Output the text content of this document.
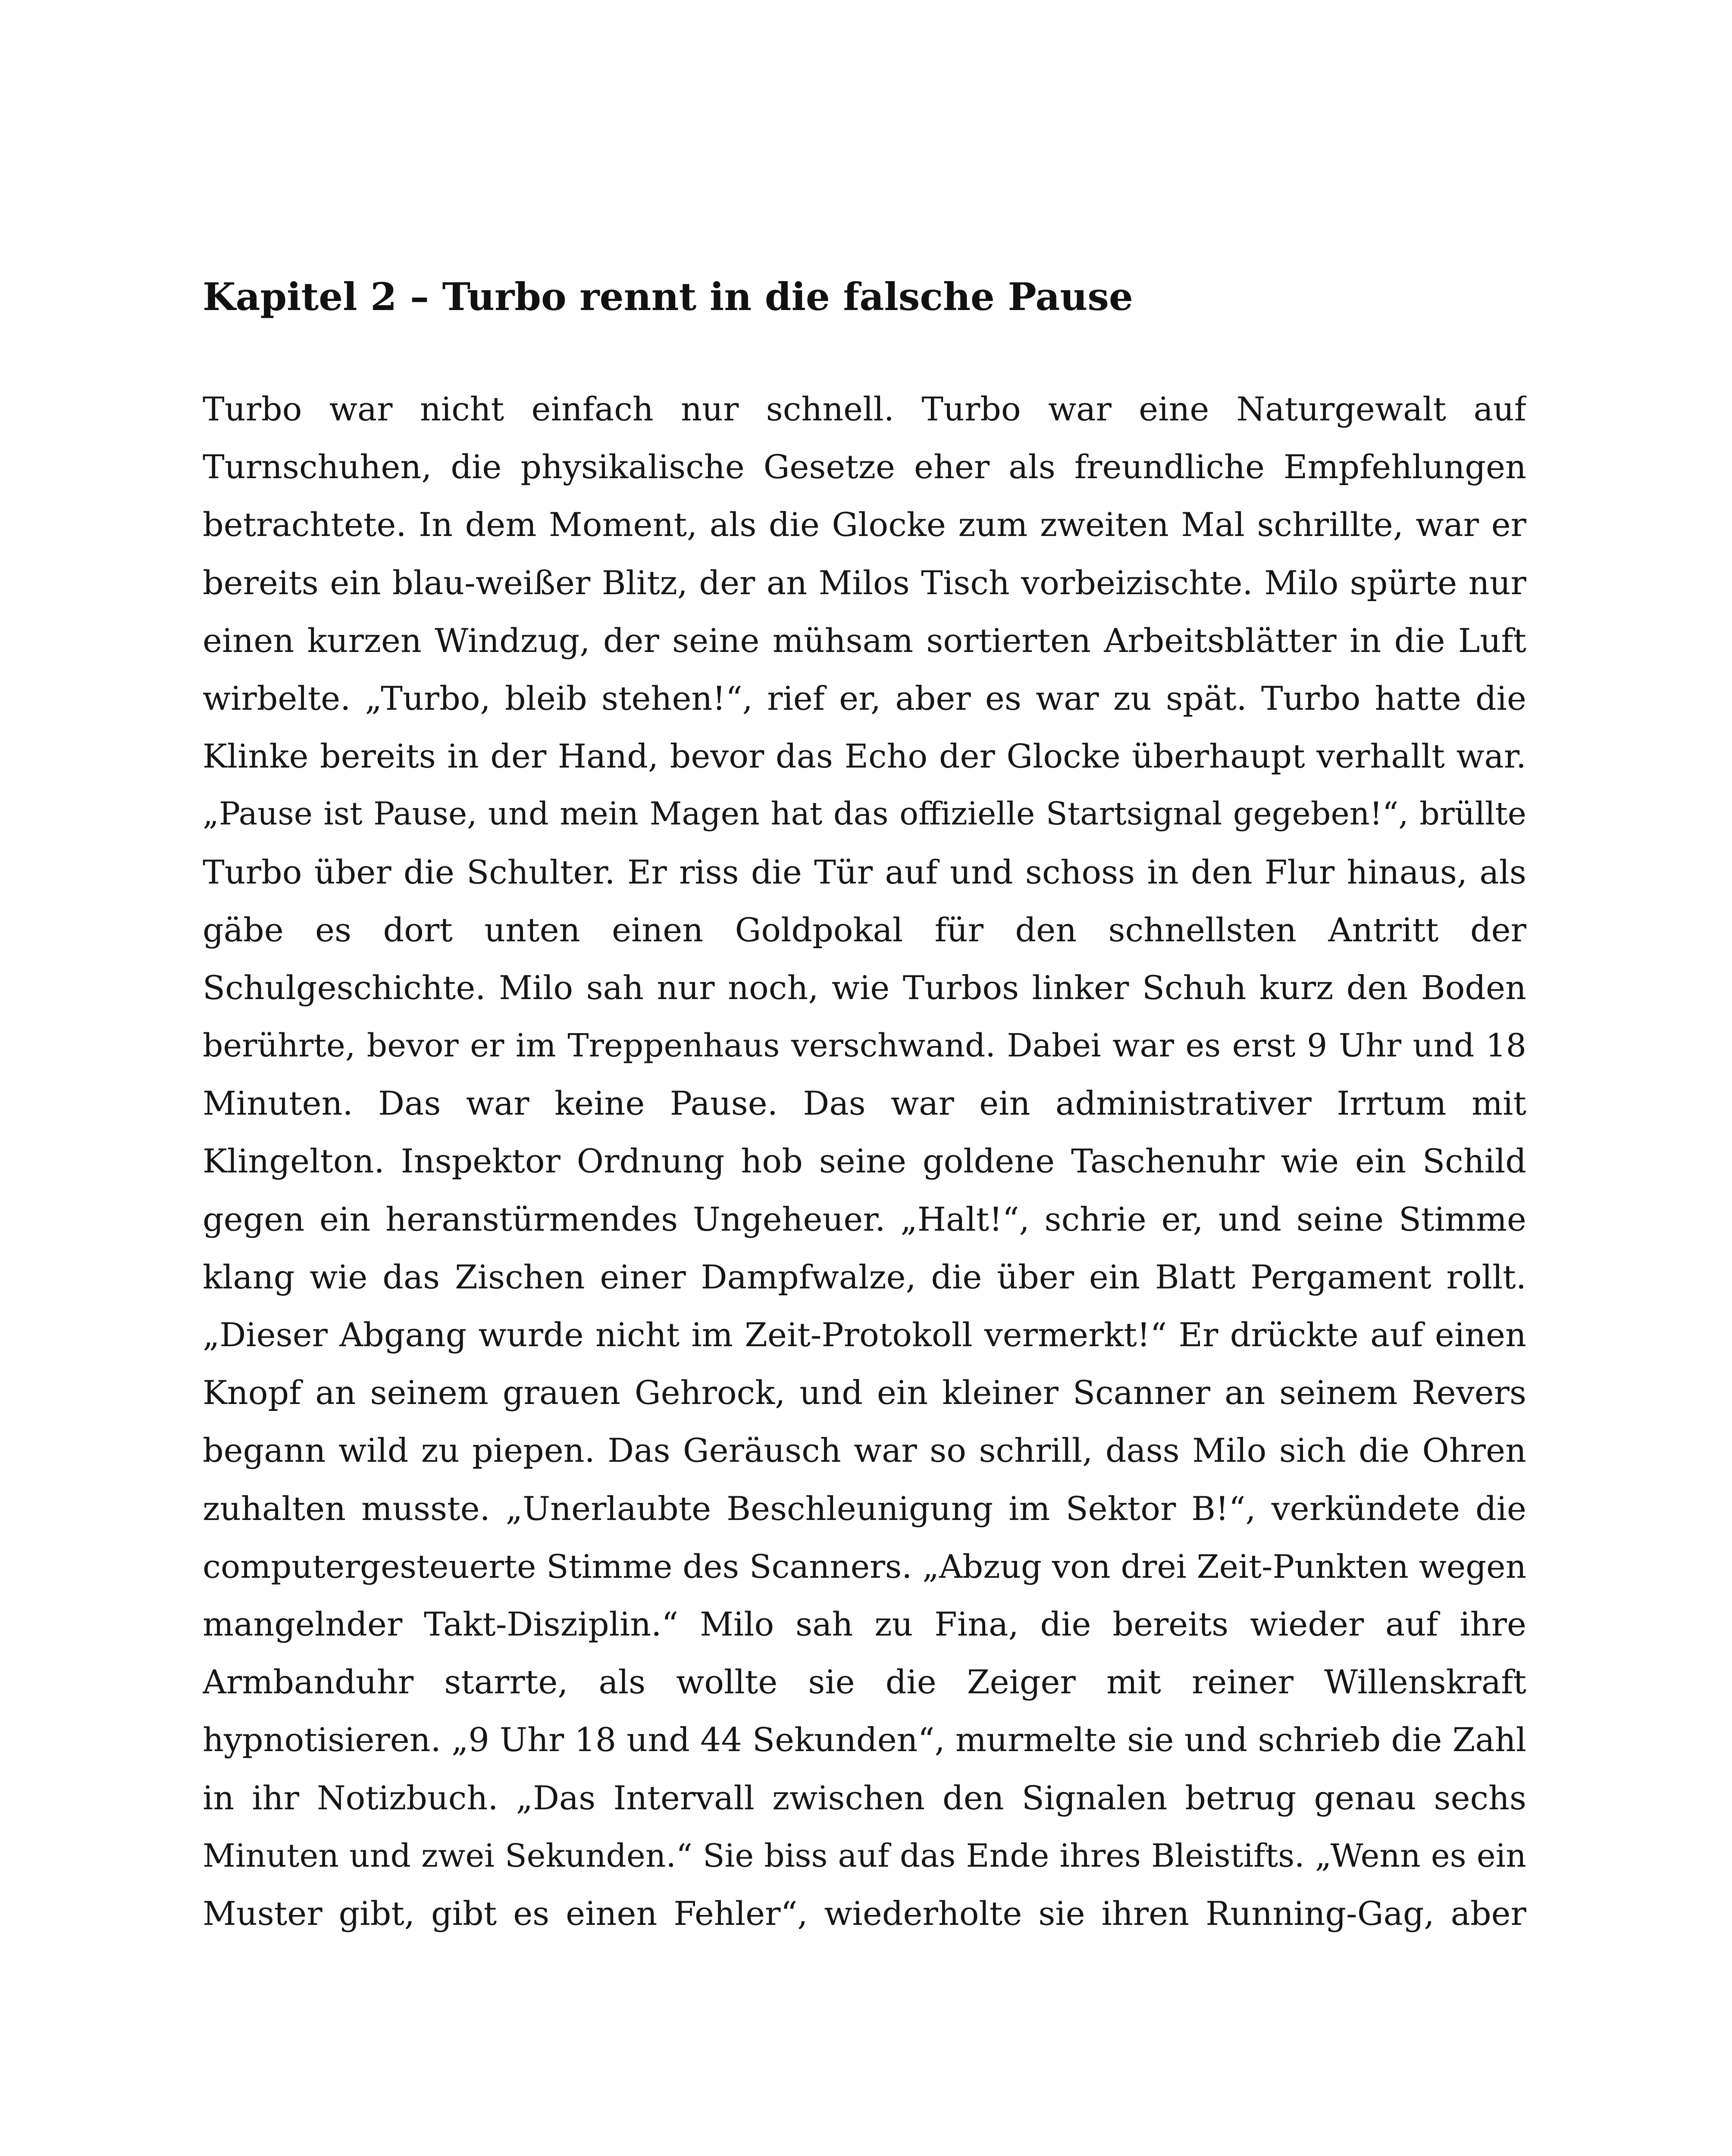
Kapitel 2 – Turbo rennt in die falsche Pause
Turbo war nicht einfach nur schnell. Turbo war eine Naturgewalt auf
Turnschuhen, die physikalische Gesetze eher als freundliche Empfehlungen
betrachtete. In dem Moment, als die Glocke zum zweiten Mal schrillte, war er
bereits ein blau-weißer Blitz, der an Milos Tisch vorbeizischte. Milo spürte nur
einen kurzen Windzug, der seine mühsam sortierten Arbeitsblätter in die Luft
wirbelte. „Turbo, bleib stehen!“, rief er, aber es war zu spät. Turbo hatte die
Klinke bereits in der Hand, bevor das Echo der Glocke überhaupt verhallt war.
„Pause ist Pause, und mein Magen hat das offizielle Startsignal gegeben!“, brüllte
Turbo über die Schulter. Er riss die Tür auf und schoss in den Flur hinaus, als
gäbe es dort unten einen Goldpokal für den schnellsten Antritt der
Schulgeschichte. Milo sah nur noch, wie Turbos linker Schuh kurz den Boden
berührte, bevor er im Treppenhaus verschwand. Dabei war es erst 9 Uhr und 18
Minuten. Das war keine Pause. Das war ein administrativer Irrtum mit
Klingelton. Inspektor Ordnung hob seine goldene Taschenuhr wie ein Schild
gegen ein heranstürmendes Ungeheuer. „Halt!“, schrie er, und seine Stimme
klang wie das Zischen einer Dampfwalze, die über ein Blatt Pergament rollt.
„Dieser Abgang wurde nicht im Zeit-Protokoll vermerkt!“ Er drückte auf einen
Knopf an seinem grauen Gehrock, und ein kleiner Scanner an seinem Revers
begann wild zu piepen. Das Geräusch war so schrill, dass Milo sich die Ohren
zuhalten musste. „Unerlaubte Beschleunigung im Sektor B!“, verkündete die
computergesteuerte Stimme des Scanners. „Abzug von drei Zeit-Punkten wegen
mangelnder Takt-Disziplin.“ Milo sah zu Fina, die bereits wieder auf ihre
Armbanduhr starrte, als wollte sie die Zeiger mit reiner Willenskraft
hypnotisieren. „9 Uhr 18 und 44 Sekunden“, murmelte sie und schrieb die Zahl
in ihr Notizbuch. „Das Intervall zwischen den Signalen betrug genau sechs
Minuten und zwei Sekunden.“ Sie biss auf das Ende ihres Bleistifts. „Wenn es ein
Muster gibt, gibt es einen Fehler“, wiederholte sie ihren Running-Gag, aber
